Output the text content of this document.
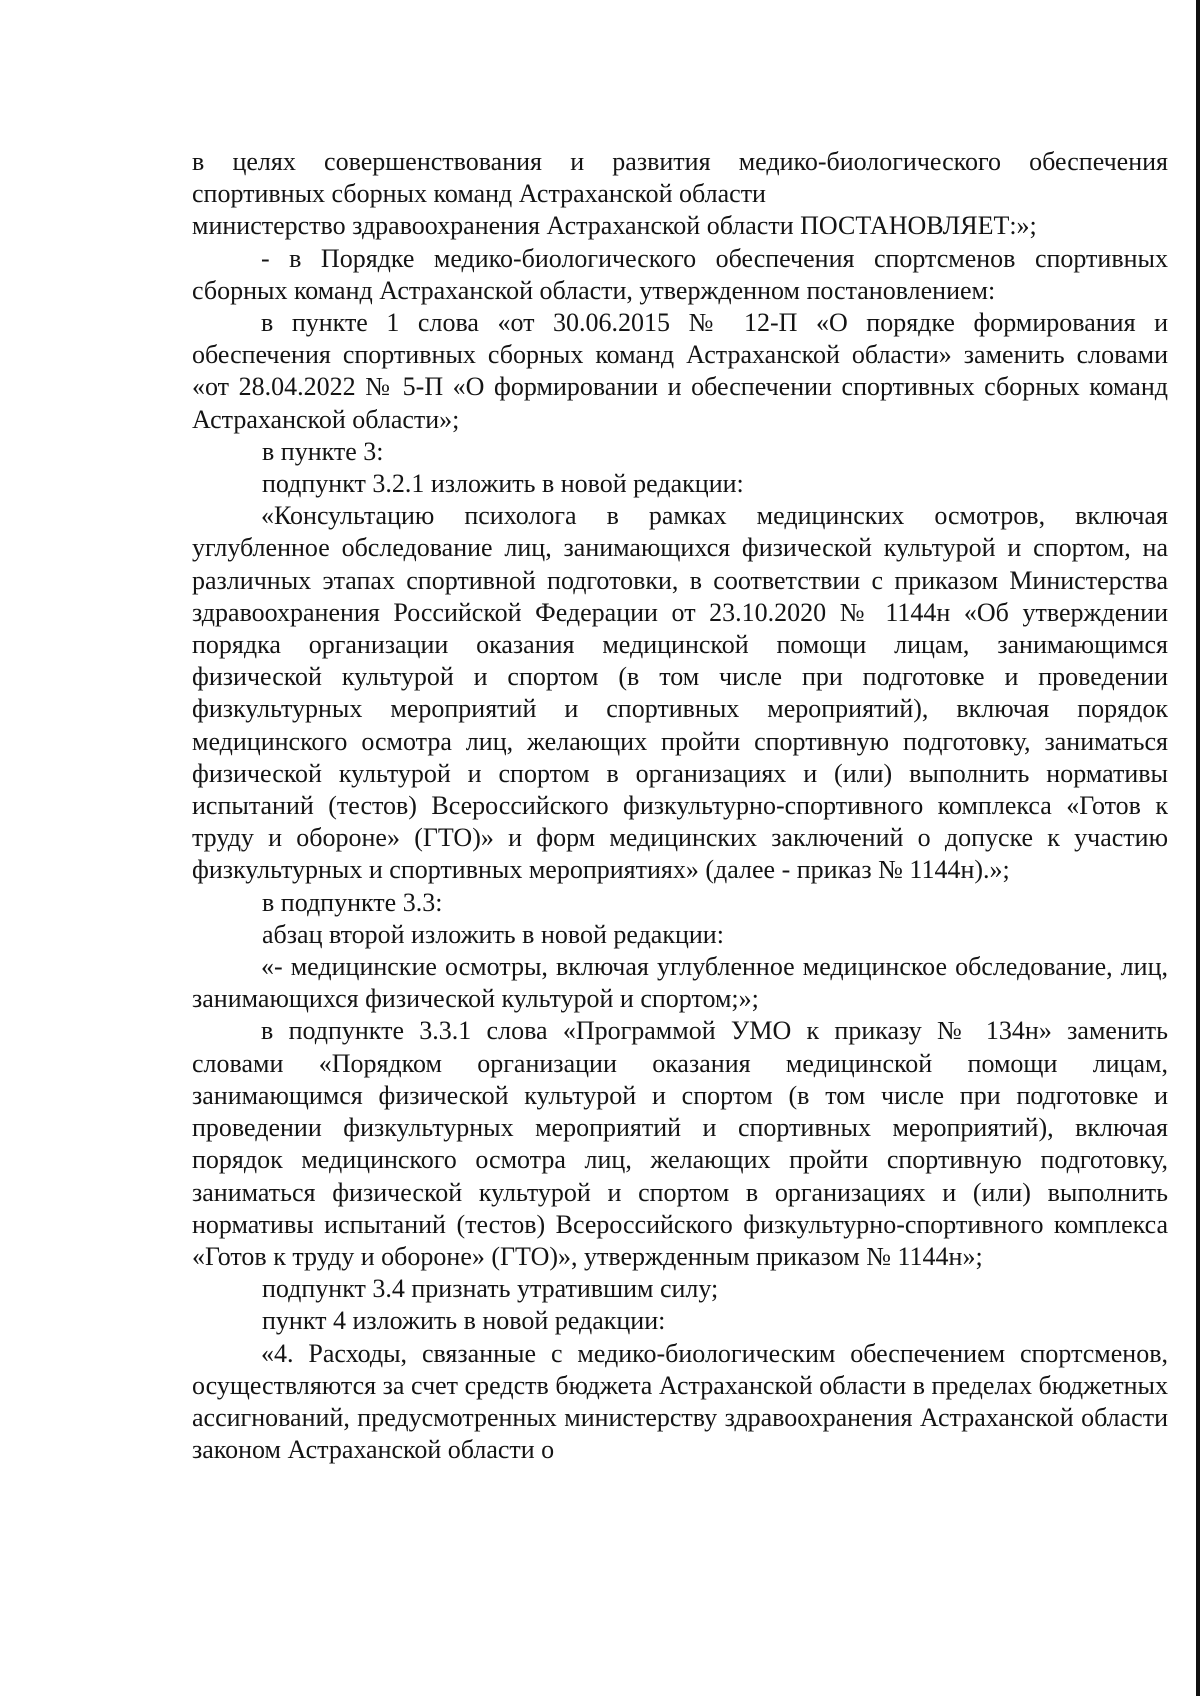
в целях совершенствования и развития медико-биологического обеспечения спортивных сборных команд Астраханской области

министерство здравоохранения Астраханской области ПОСТАНОВЛЯЕТ:»;

- в Порядке медико-биологического обеспечения спортсменов спортивных сборных команд Астраханской области, утвержденном постановлением:

в пункте 1 слова «от 30.06.2015 № 12-П «О порядке формирования и обеспечения спортивных сборных команд Астраханской области» заменить словами «от 28.04.2022 № 5-П «О формировании и обеспечении спортивных сборных команд Астраханской области»;

в пункте 3:

подпункт 3.2.1 изложить в новой редакции:

«Консультацию психолога в рамках медицинских осмотров, включая углубленное обследование лиц, занимающихся физической культурой и спортом, на различных этапах спортивной подготовки, в соответствии с приказом Министерства здравоохранения Российской Федерации от 23.10.2020 № 1144н «Об утверждении порядка организации оказания медицинской помощи лицам, занимающимся физической культурой и спортом (в том числе при подготовке и проведении физкультурных мероприятий и спортивных мероприятий), включая порядок медицинского осмотра лиц, желающих пройти спортивную подготовку, заниматься физической культурой и спортом в организациях и (или) выполнить нормативы испытаний (тестов) Всероссийского физкультурно-спортивного комплекса «Готов к труду и обороне» (ГТО)» и форм медицинских заключений о допуске к участию физкультурных и спортивных мероприятиях» (далее - приказ № 1144н).»;

в подпункте 3.3:

абзац второй изложить в новой редакции:

«- медицинские осмотры, включая углубленное медицинское обследование, лиц, занимающихся физической культурой и спортом;»;

в подпункте 3.3.1 слова «Программой УМО к приказу № 134н» заменить словами «Порядком организации оказания медицинской помощи лицам, занимающимся физической культурой и спортом (в том числе при подготовке и проведении физкультурных мероприятий и спортивных мероприятий), включая порядок медицинского осмотра лиц, желающих пройти спортивную подготовку, заниматься физической культурой и спортом в организациях и (или) выполнить нормативы испытаний (тестов) Всероссийского физкультурно-спортивного комплекса «Готов к труду и обороне» (ГТО)», утвержденным приказом № 1144н»;

подпункт 3.4 признать утратившим силу;

пункт 4 изложить в новой редакции:

«4. Расходы, связанные с медико-биологическим обеспечением спортсменов, осуществляются за счет средств бюджета Астраханской области в пределах бюджетных ассигнований, предусмотренных министерству здравоохранения Астраханской области законом Астраханской области о
